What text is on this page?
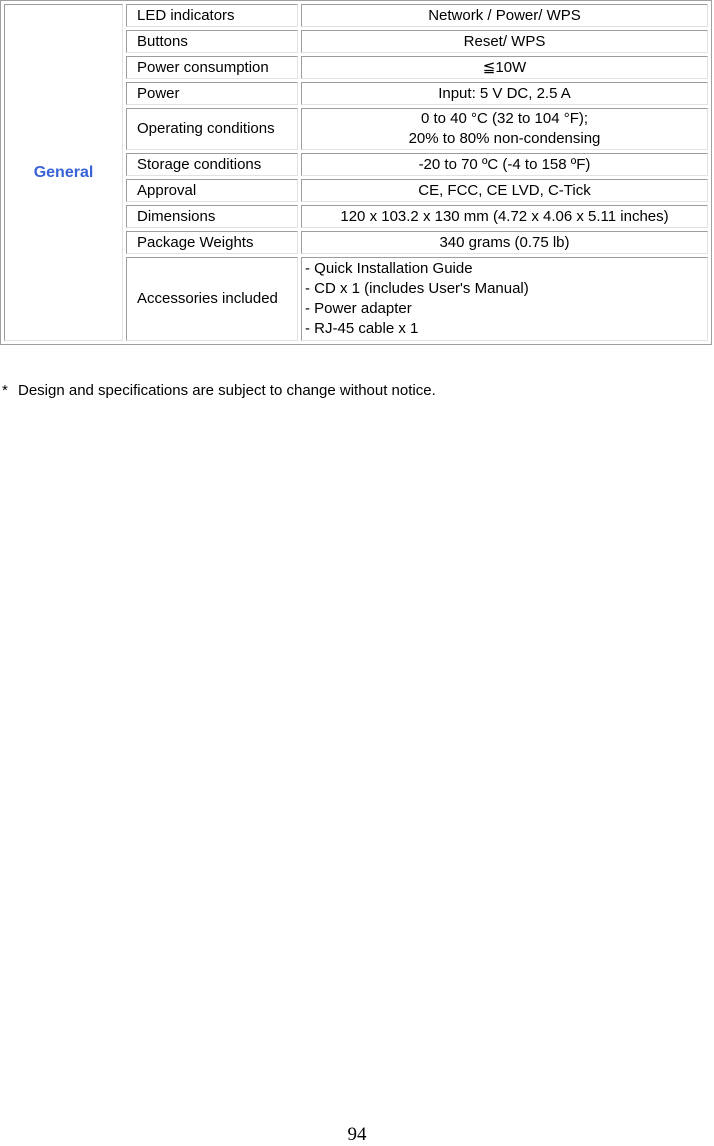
General	LED indicators	Network / Power/ WPS

	Buttons	Reset/ WPS

	Power consumption	≦10W

	Power	Input: 5 V DC, 2.5 A

	Operating conditions	0 to 40 °C (32 to 104 °F);
20% to 80% non-condensing

	Storage conditions	-20 to 70 ºC (-4 to 158 ºF)

	Approval	CE, FCC, CE LVD, C-Tick

	Dimensions	120 x 103.2 x 130 mm (4.72 x 4.06 x 5.11 inches)

	Package Weights	340 grams (0.75 lb)

	Accessories included	- Quick Installation Guide
- CD x 1 (includes User's Manual)
- Power adapter
- RJ-45 cable x 1
* Design and specifications are subject to change without notice.
94
